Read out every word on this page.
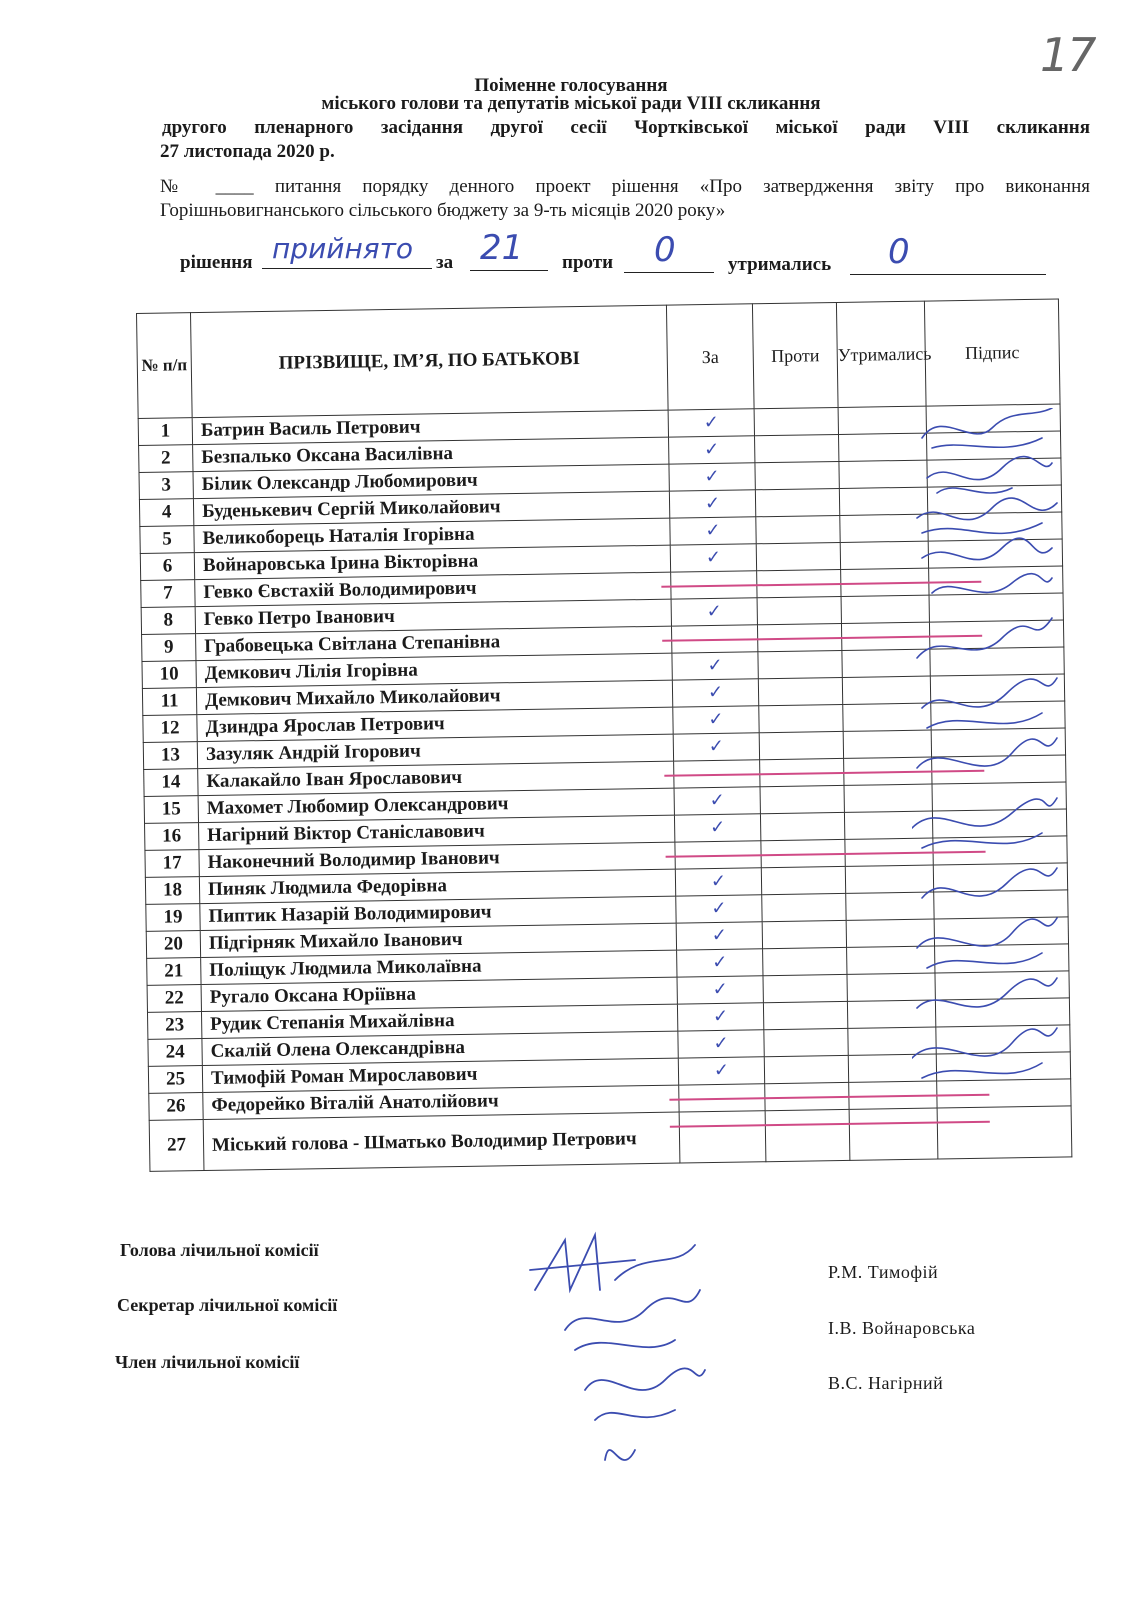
17
Поіменне голосування
міського голови та депутатів міської ради VIII скликання
другого пленарного засідання другої сесії Чортківської міської ради VIII скликання
27 листопада 2020 р.
№ ____ питання порядку денного проект рішення «Про затвердження звіту про виконання
Горішньовигнанського сільського бюджету за 9-ть місяців 2020 року»
рішення прийнято за 21 проти 0	утримались 0
№ п/п	ПРІЗВИЩЕ, ІМ’Я, ПО БАТЬКОВІ	За	Проти	Утримались	Підпис
1	Батрин Василь Петрович	✓			
2	Безпалько Оксана Василівна	✓			
3	Білик Олександр Любомирович	✓			
4	Буденькевич Сергій Миколайович	✓			
5	Великоборець Наталія Ігорівна	✓			
6	Войнаровська Ірина Вікторівна	✓			
7	Гевко Євстахій Володимирович	

8	Гевко Петро Іванович	✓			
9	Грабовецька Світлана Степанівна	

10	Демкович Лілія Ігорівна	✓			
11	Демкович Михайло Миколайович	✓			
12	Дзиндра Ярослав Петрович	✓			
13	Зазуляк Андрій Ігорович	✓			
14	Калакайло Іван Ярославович	

15	Махомет Любомир Олександрович	✓			
16	Нагірний Віктор Станіславович	✓			
17	Наконечний Володимир Іванович	

18	Пиняк Людмила Федорівна	✓			
19	Пиптик Назарій Володимирович	✓			
20	Підгірняк Михайло Іванович	✓			
21	Поліщук Людмила Миколаївна	✓			
22	Ругало Оксана Юріївна	✓			
23	Рудик Степанія Михайлівна	✓			
24	Скалій Олена Олександрівна	✓			
25	Тимофій Роман Мирославович	✓			
26	Федорейко Віталій Анатолійович	

27	Міський голова - Шматько Володимир Петрович	

Голова лічильної комісії
Секретар лічильної комісії
Член лічильної комісії
Р.М. Тимофій
І.В. Войнаровська
В.С. Нагірний
